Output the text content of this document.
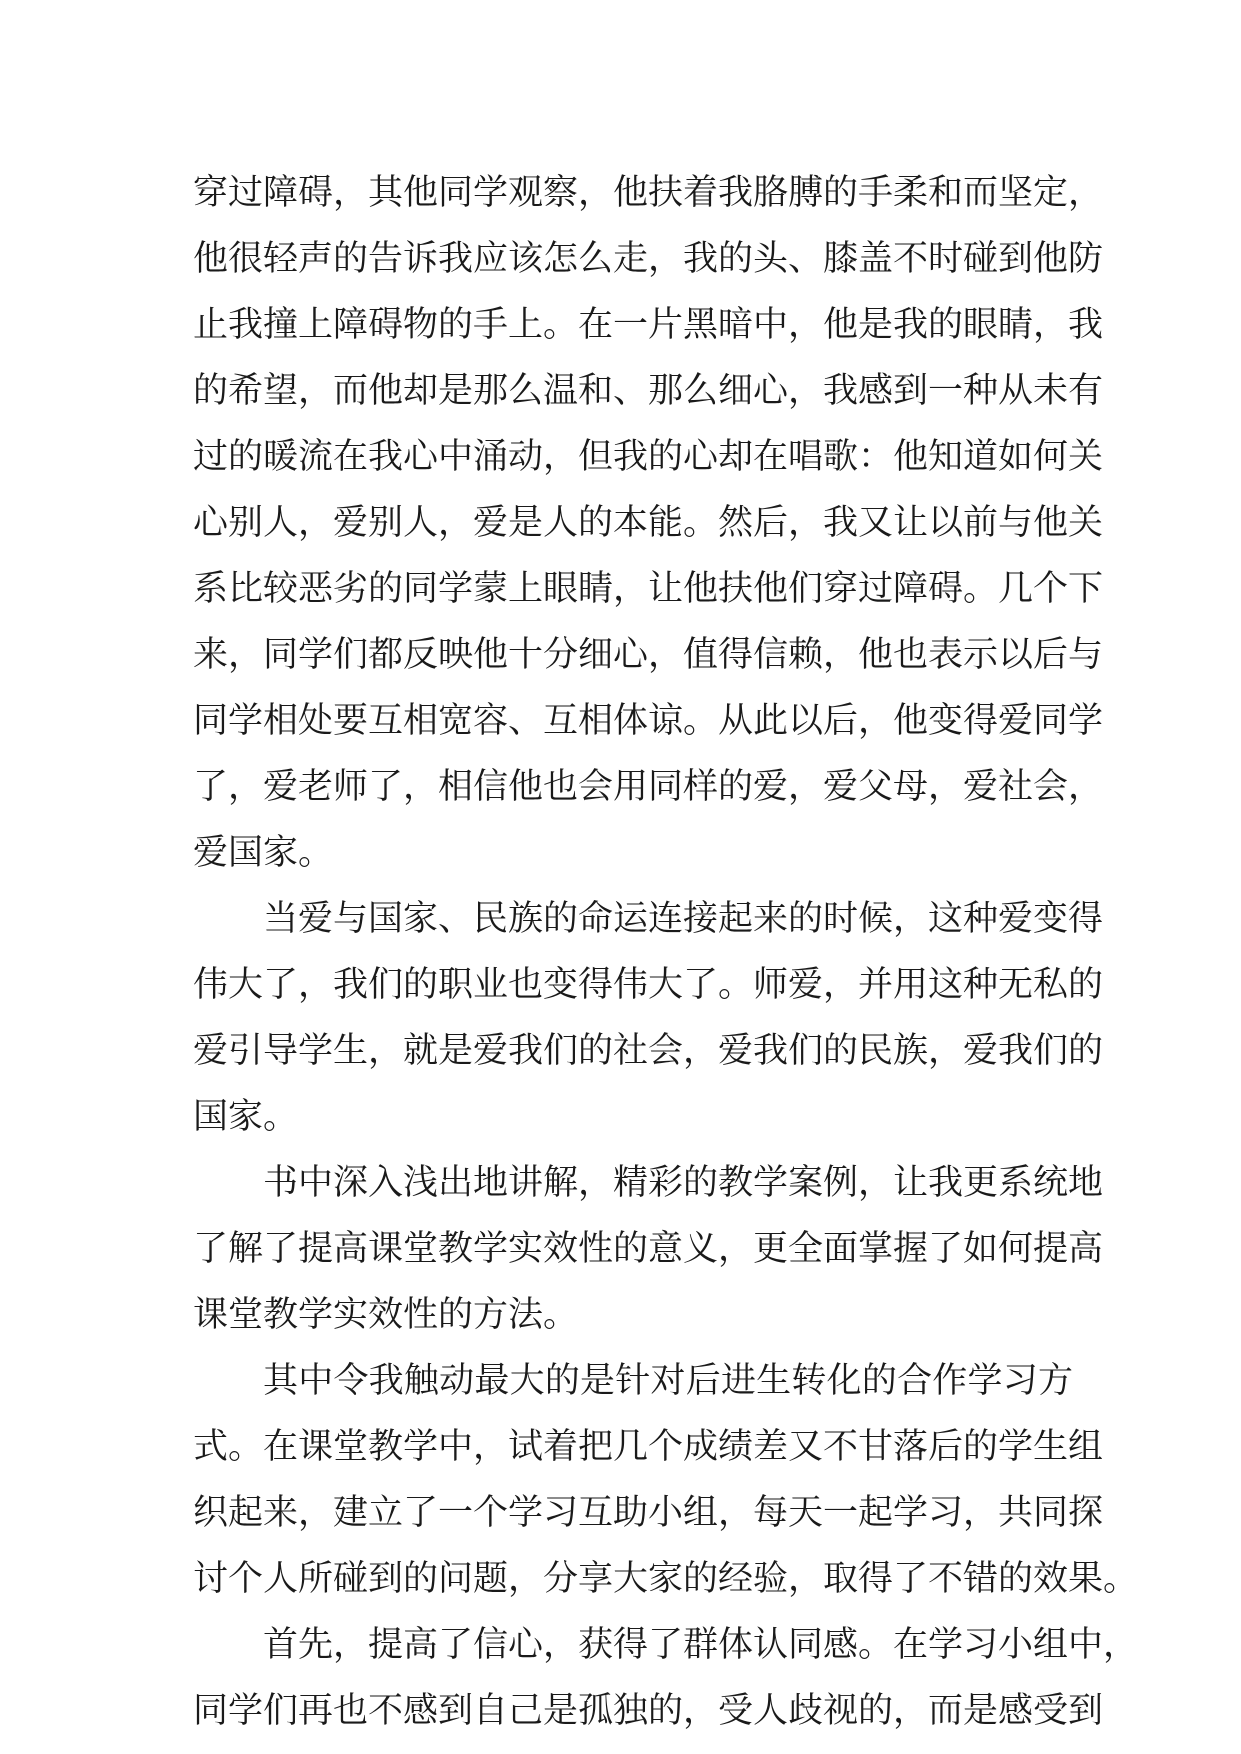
穿过障碍，其他同学观察，他扶着我胳膊的手柔和而坚定，
他很轻声的告诉我应该怎么走，我的头、膝盖不时碰到他防
止我撞上障碍物的手上。在一片黑暗中，他是我的眼睛，我
的希望，而他却是那么温和、那么细心，我感到一种从未有
过的暖流在我心中涌动，但我的心却在唱歌：他知道如何关
心别人，爱别人，爱是人的本能。然后，我又让以前与他关
系比较恶劣的同学蒙上眼睛，让他扶他们穿过障碍。几个下
来，同学们都反映他十分细心，值得信赖，他也表示以后与
同学相处要互相宽容、互相体谅。从此以后，他变得爱同学
了，爱老师了，相信他也会用同样的爱，爱父母，爱社会，
爱国家。
当爱与国家、民族的命运连接起来的时候，这种爱变得
伟大了，我们的职业也变得伟大了。师爱，并用这种无私的
爱引导学生，就是爱我们的社会，爱我们的民族，爱我们的
国家。
书中深入浅出地讲解，精彩的教学案例，让我更系统地
了解了提高课堂教学实效性的意义，更全面掌握了如何提高
课堂教学实效性的方法。
其中令我触动最大的是针对后进生转化的合作学习方
式。在课堂教学中，试着把几个成绩差又不甘落后的学生组
织起来，建立了一个学习互助小组，每天一起学习，共同探
讨个人所碰到的问题，分享大家的经验，取得了不错的效果。
首先，提高了信心，获得了群体认同感。在学习小组中，
同学们再也不感到自己是孤独的，受人歧视的，而是感受到
